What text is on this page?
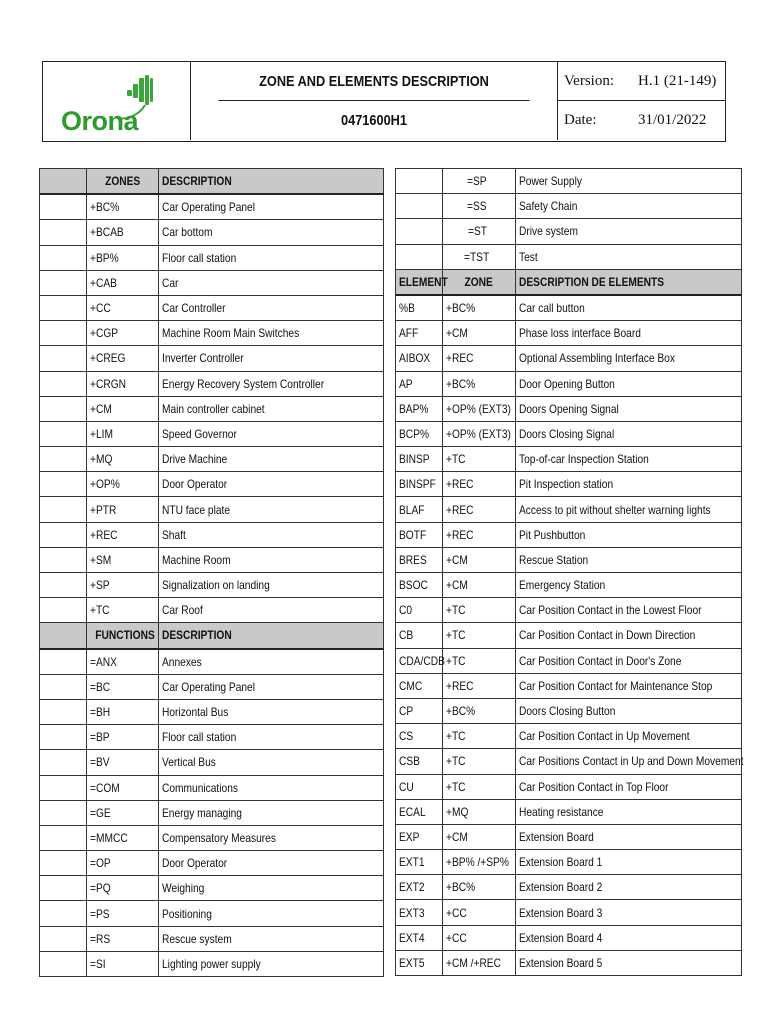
Orona
ZONE AND ELEMENTS DESCRIPTION
0471600H1
Version:	H.1 (21-149)
Date:	31/01/2022
	ZONES	DESCRIPTION
	+BC%	Car Operating Panel
	+BCAB	Car bottom
	+BP%	Floor call station
	+CAB	Car
	+CC	Car Controller
	+CGP	Machine Room Main Switches
	+CREG	Inverter Controller
	+CRGN	Energy Recovery System Controller
	+CM	Main controller cabinet
	+LIM	Speed Governor
	+MQ	Drive Machine
	+OP%	Door Operator
	+PTR	NTU face plate
	+REC	Shaft
	+SM	Machine Room
	+SP	Signalization on landing
	+TC	Car Roof
	FUNCTIONS	DESCRIPTION
	=ANX	Annexes
	=BC	Car Operating Panel
	=BH	Horizontal Bus
	=BP	Floor call station
	=BV	Vertical Bus
	=COM	Communications
	=GE	Energy managing
	=MMCC	Compensatory Measures
	=OP	Door Operator
	=PQ	Weighing
	=PS	Positioning
	=RS	Rescue system
	=SI	Lighting power supply
	=SP	Power Supply
	=SS	Safety Chain
	=ST	Drive system
	=TST	Test
ELEMENT	ZONE	DESCRIPTION DE ELEMENTS
%B	+BC%	Car call button
AFF	+CM	Phase loss interface Board
AIBOX	+REC	Optional Assembling Interface Box
AP	+BC%	Door Opening Button
BAP%	+OP% (EXT3)	Doors Opening Signal
BCP%	+OP% (EXT3)	Doors Closing Signal
BINSP	+TC	Top-of-car Inspection Station
BINSPF	+REC	Pit Inspection station
BLAF	+REC	Access to pit without shelter warning lights
BOTF	+REC	Pit Pushbutton
BRES	+CM	Rescue Station
BSOC	+CM	Emergency Station
C0	+TC	Car Position Contact in the Lowest Floor
CB	+TC	Car Position Contact in Down Direction
CDA/CDB	+TC	Car Position Contact in Door's Zone
CMC	+REC	Car Position Contact for Maintenance Stop
CP	+BC%	Doors Closing Button
CS	+TC	Car Position Contact in Up Movement
CSB	+TC	Car Positions Contact in Up and Down Movement
CU	+TC	Car Position Contact in Top Floor
ECAL	+MQ	Heating resistance
EXP	+CM	Extension Board
EXT1	+BP% /+SP%	Extension Board 1
EXT2	+BC%	Extension Board 2
EXT3	+CC	Extension Board 3
EXT4	+CC	Extension Board 4
EXT5	+CM /+REC	Extension Board 5
